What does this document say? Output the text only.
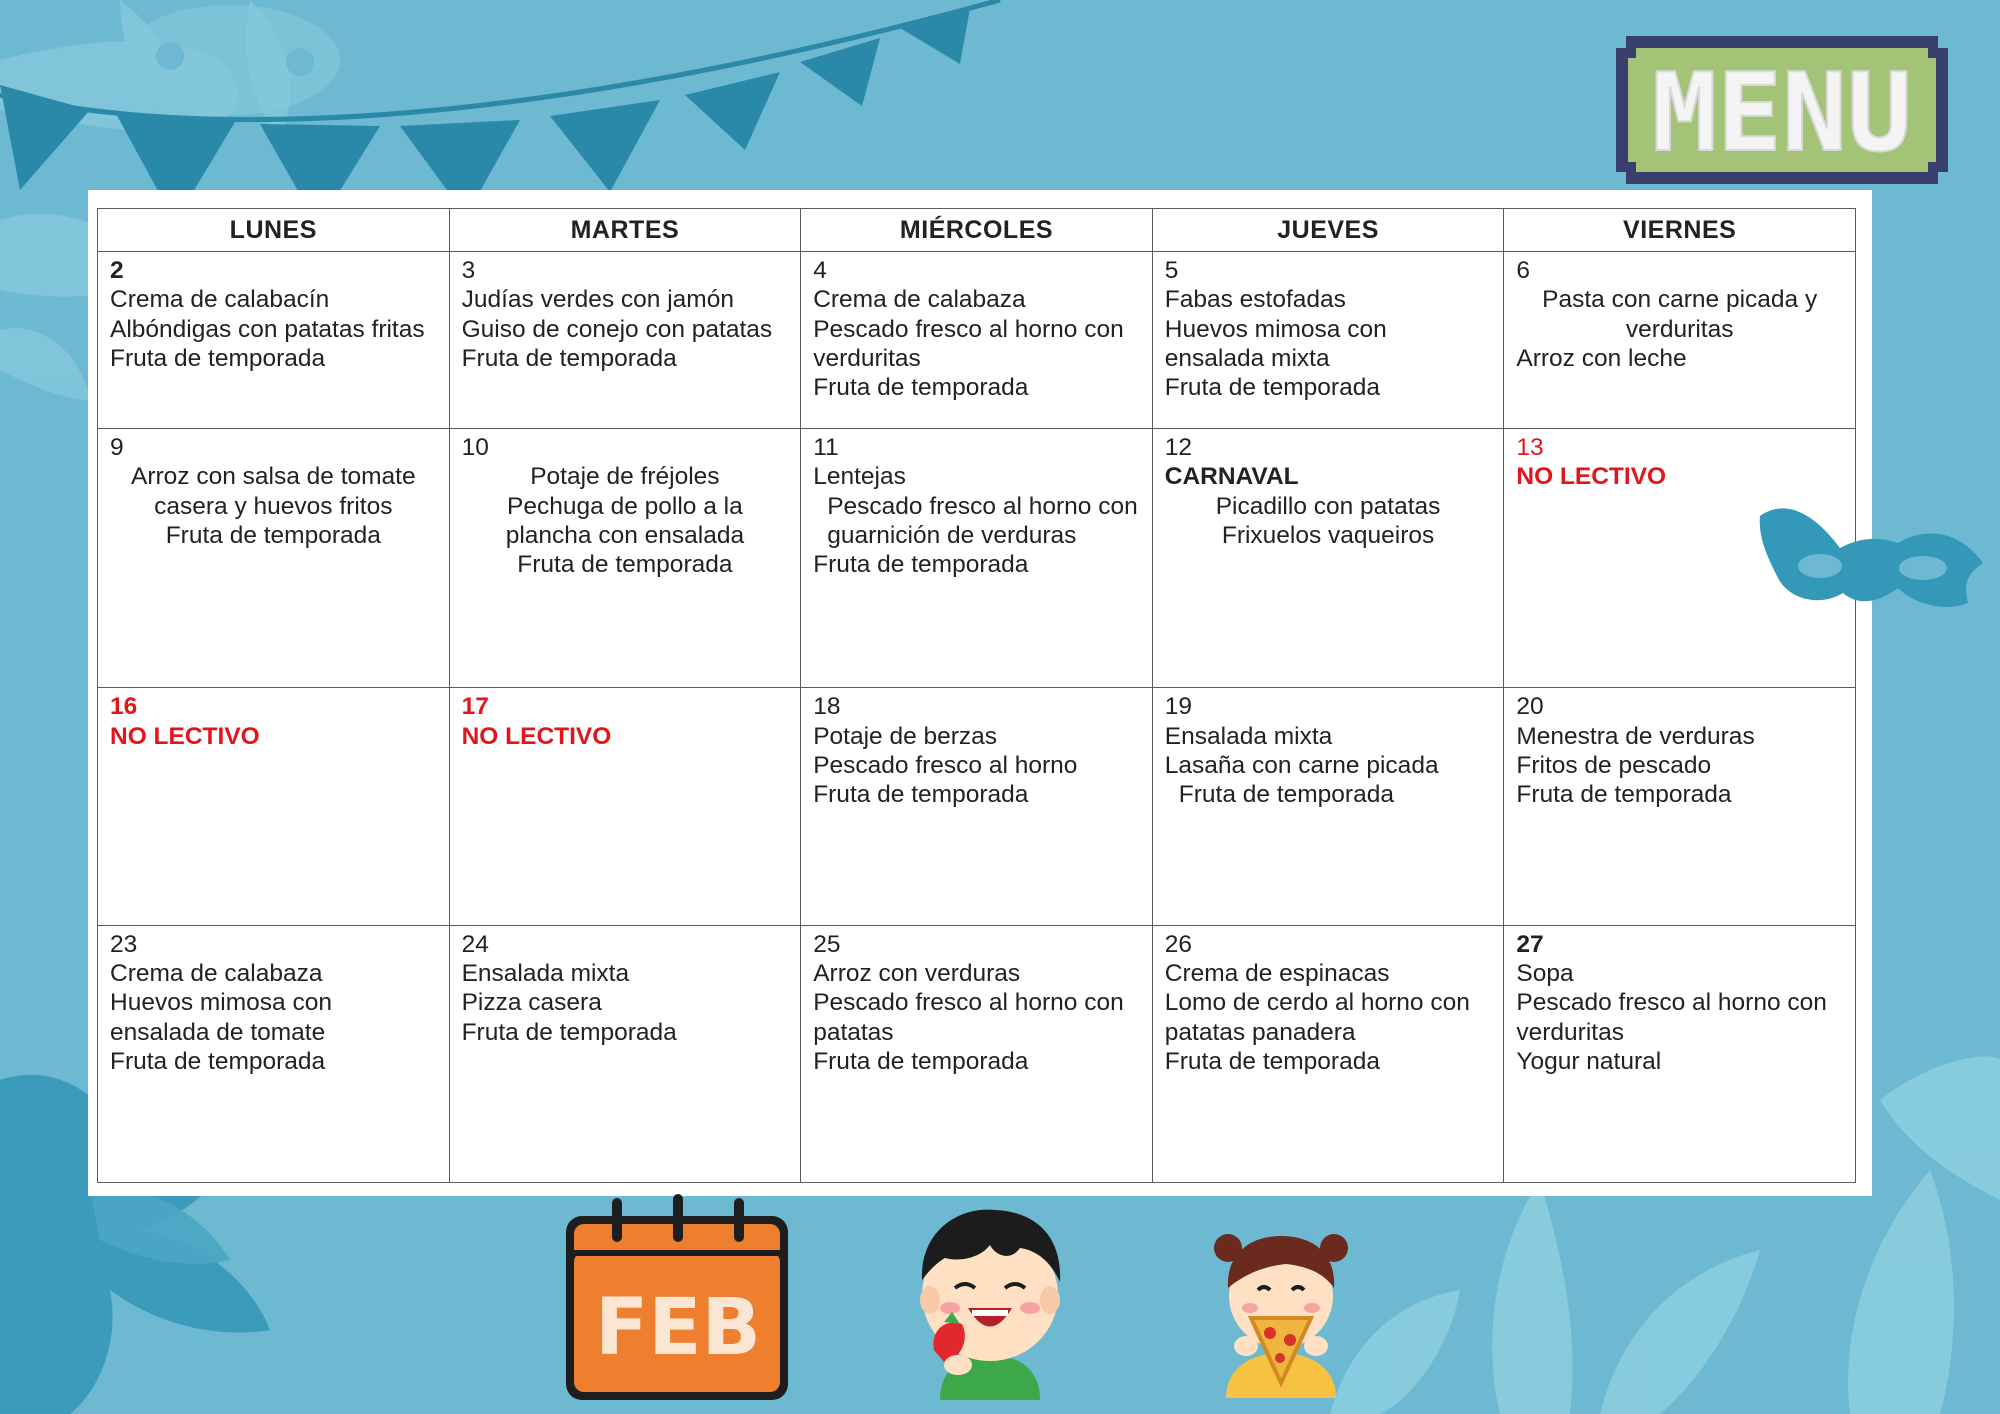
LUNES	MARTES	MIÉRCOLES	JUEVES	VIERNES

2
Crema de calabacín
Albóndigas con patatas fritas
Fruta de temporada	3
Judías verdes con jamón
Guiso de conejo con patatas
Fruta de temporada	4
Crema de calabaza
Pescado fresco al horno con verduritas
Fruta de temporada	5
Fabas estofadas
Huevos mimosa con ensalada mixta
Fruta de temporada	6
Pasta con carne picada y verduritas
Arroz con leche

9
Arroz con salsa de tomate casera y huevos fritos
Fruta de temporada	10
Potaje de fréjoles
Pechuga de pollo a la plancha con ensalada
Fruta de temporada	11
Lentejas
Pescado fresco al horno con guarnición de verduras
Fruta de temporada	12
CARNAVAL
Picadillo con patatas
Frixuelos vaqueiros	13
NO LECTIVO

16
NO LECTIVO	17
NO LECTIVO	18
Potaje de berzas
Pescado fresco al horno
Fruta de temporada	19
Ensalada mixta
Lasaña con carne picada
Fruta de temporada	20
Menestra de verduras
Fritos de pescado
Fruta de temporada

23
Crema de calabaza
Huevos mimosa con ensalada de tomate
Fruta de temporada	24
Ensalada mixta
Pizza casera
Fruta de temporada	25
Arroz con verduras
Pescado fresco al horno con patatas
Fruta de temporada	26
Crema de espinacas
Lomo de cerdo al horno con patatas panadera
Fruta de temporada	27
Sopa
Pescado fresco al horno con verduritas
Yogur natural
MENU
FEB
